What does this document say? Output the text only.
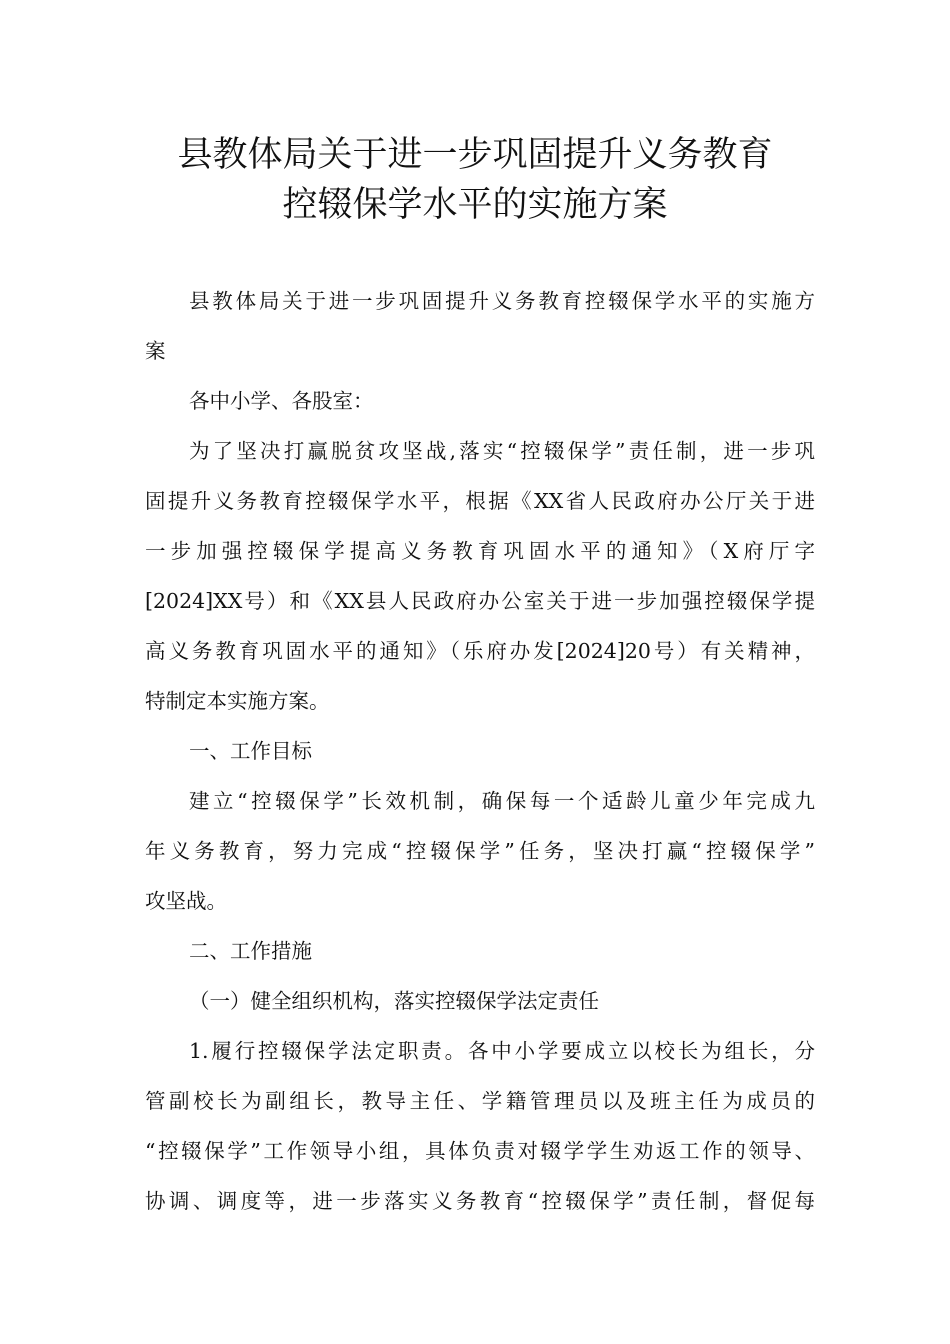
县教体局关于进一步巩固提升义务教育
控辍保学水平的实施方案
县教体局关于进一步巩固提升义务教育控辍保学水平的实施方
案
各中小学、各股室：
为了坚决打赢脱贫攻坚战,落实“控辍保学”责任制，进一步巩
固提升义务教育控辍保学水平，根据《XX省人民政府办公厅关于进
一步加强控辍保学提高义务教育巩固水平的通知》（X府厅字
[2024]XX号）和《XX县人民政府办公室关于进一步加强控辍保学提
高义务教育巩固水平的通知》（乐府办发[2024]20号）有关精神，
特制定本实施方案。
一、工作目标
建立“控辍保学”长效机制，确保每一个适龄儿童少年完成九
年义务教育，努力完成“控辍保学”任务，坚决打赢“控辍保学”
攻坚战。
二、工作措施
（一）健全组织机构，落实控辍保学法定责任
1.履行控辍保学法定职责。各中小学要成立以校长为组长，分
管副校长为副组长，教导主任、学籍管理员以及班主任为成员的
“控辍保学”工作领导小组，具体负责对辍学学生劝返工作的领导、
协调、调度等，进一步落实义务教育“控辍保学”责任制，督促每
